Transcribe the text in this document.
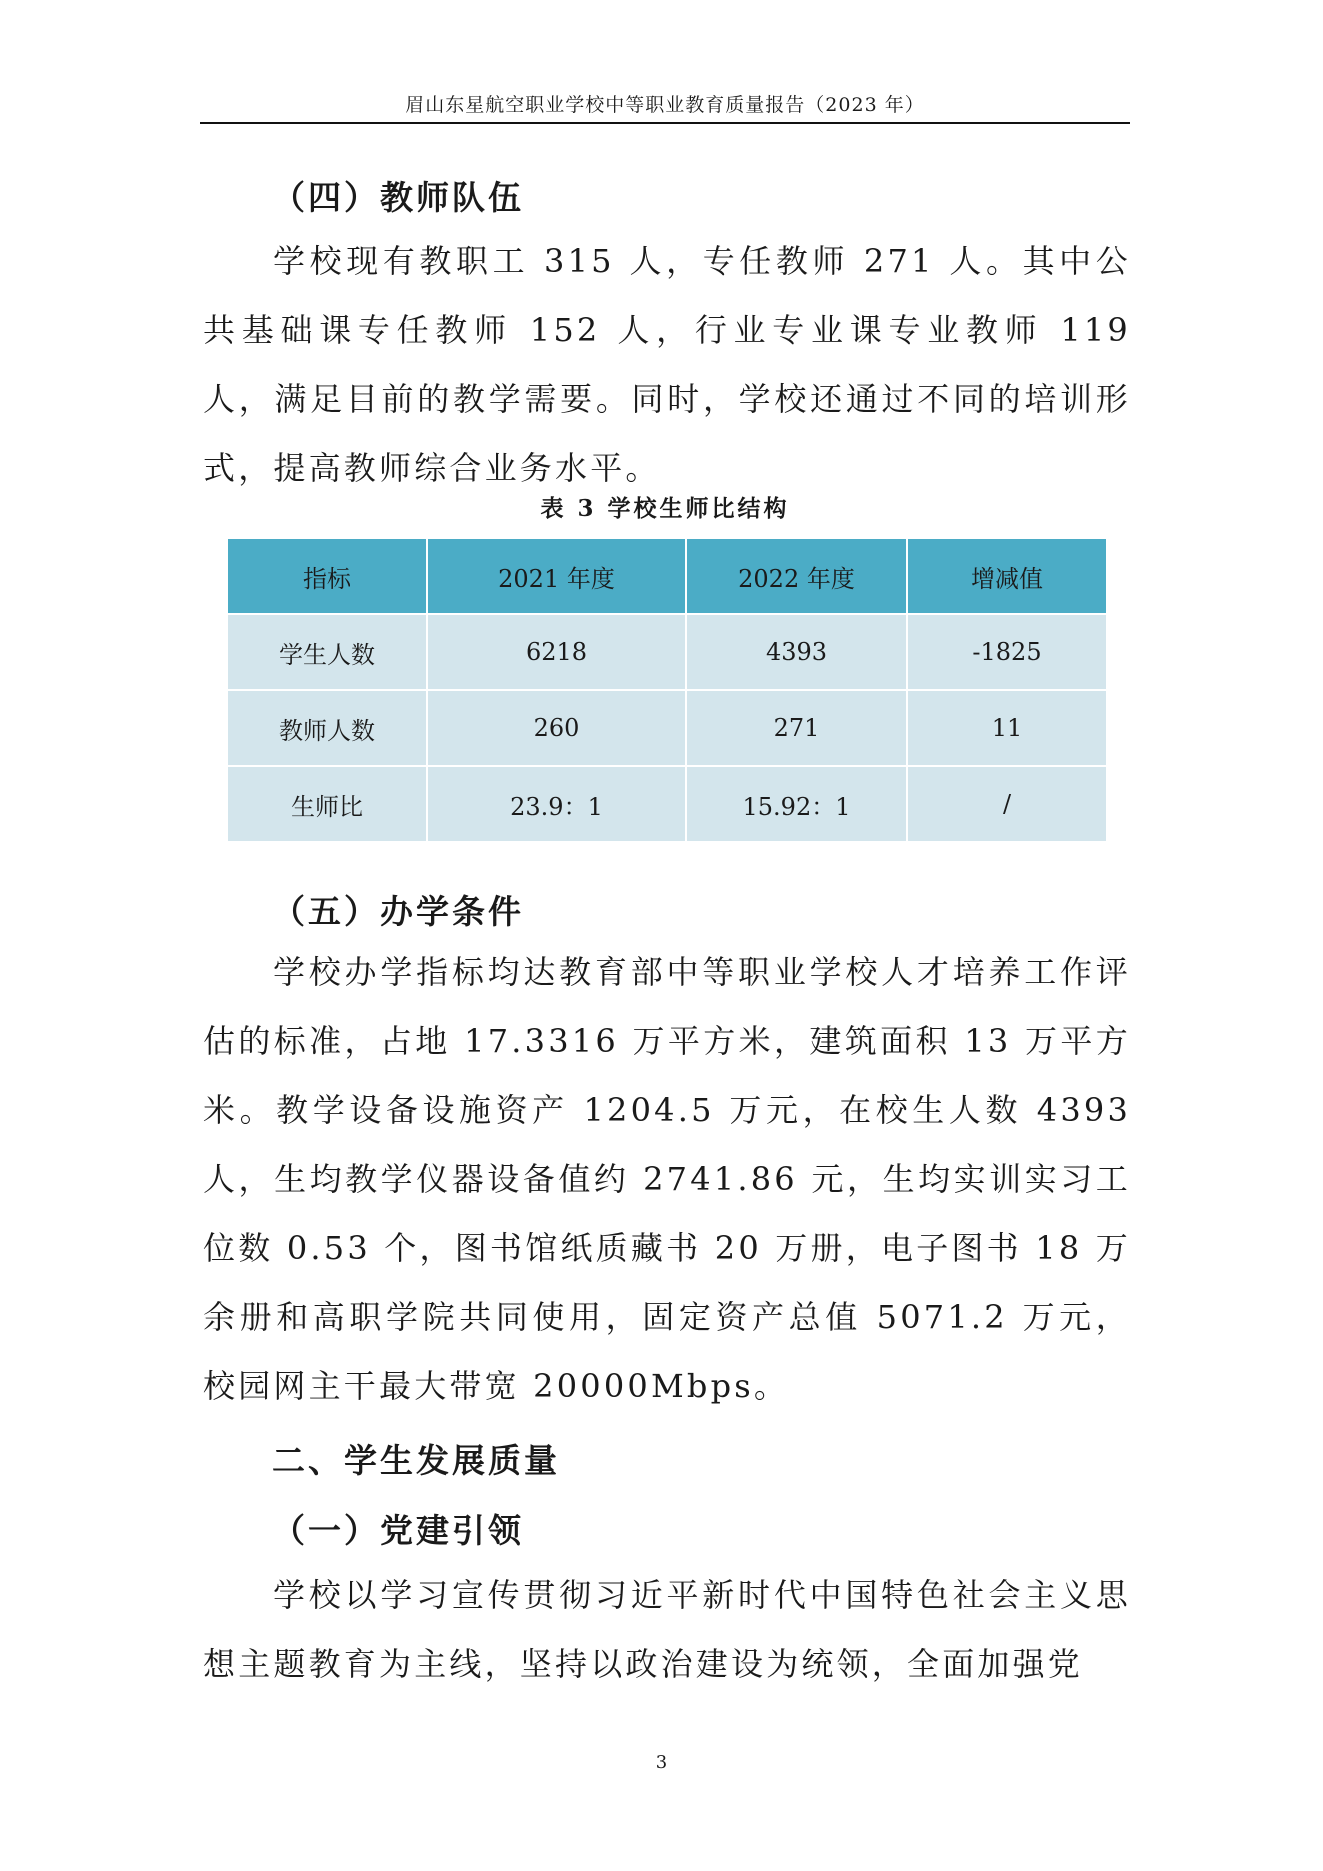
眉山东星航空职业学校中等职业教育质量报告（2023 年）
（四）教师队伍

学校现有教职工 315 人，专任教师 271 人。其中公共基础课专任教师 152 人，行业专业课专业教师 119 人，满足目前的教学需要。同时，学校还通过不同的培训形式，提高教师综合业务水平。

表 3 学校生师比结构
指标	2021 年度	2022 年度	增减值
学生人数	6218	4393	-1825
教师人数	260	271	11
生师比	23.9：1	15.92：1	/
（五）办学条件

学校办学指标均达教育部中等职业学校人才培养工作评估的标准，占地 17.3316 万平方米，建筑面积 13 万平方米。教学设备设施资产 1204.5 万元，在校生人数 4393 人，生均教学仪器设备值约 2741.86 元，生均实训实习工位数 0.53 个，图书馆纸质藏书 20 万册，电子图书 18 万余册和高职学院共同使用，固定资产总值 5071.2 万元，校园网主干最大带宽 20000Mbps。

二、学生发展质量
（一）党建引领

学校以学习宣传贯彻习近平新时代中国特色社会主义思想主题教育为主线，坚持以政治建设为统领，全面加强党

3
